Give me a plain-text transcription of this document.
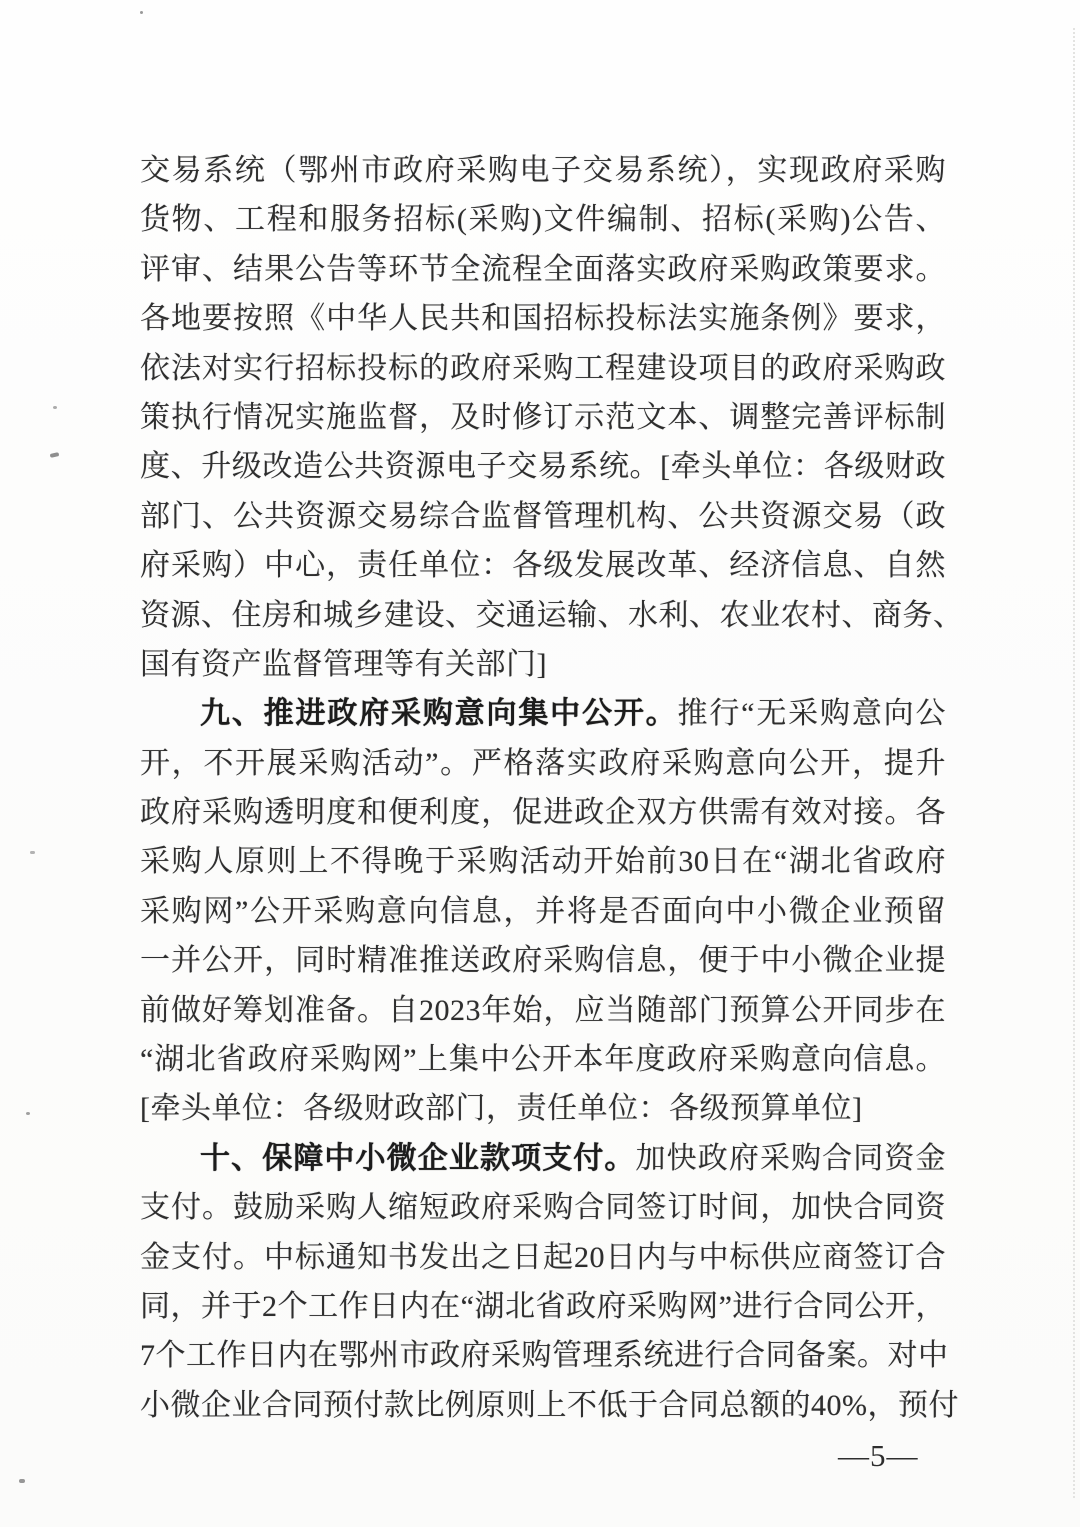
交易系统（鄂州市政府采购电子交易系统），实现政府采购
货物、工程和服务招标(采购)文件编制、招标(采购)公告、
评审、结果公告等环节全流程全面落实政府采购政策要求。
各地要按照《中华人民共和国招标投标法实施条例》要求，
依法对实行招标投标的政府采购工程建设项目的政府采购政
策执行情况实施监督，及时修订示范文本、调整完善评标制
度、升级改造公共资源电子交易系统。[牵头单位：各级财政
部门、公共资源交易综合监督管理机构、公共资源交易（政
府采购）中心，责任单位：各级发展改革、经济信息、自然
资源、住房和城乡建设、交通运输、水利、农业农村、商务、
国有资产监督管理等有关部门]
九、推进政府采购意向集中公开。推行“无采购意向公
开，不开展采购活动”。严格落实政府采购意向公开，提升
政府采购透明度和便利度，促进政企双方供需有效对接。各
采购人原则上不得晚于采购活动开始前30日在“湖北省政府
采购网”公开采购意向信息，并将是否面向中小微企业预留
一并公开，同时精准推送政府采购信息，便于中小微企业提
前做好筹划准备。自2023年始，应当随部门预算公开同步在
“湖北省政府采购网”上集中公开本年度政府采购意向信息。
[牵头单位：各级财政部门，责任单位：各级预算单位]
十、保障中小微企业款项支付。加快政府采购合同资金
支付。鼓励采购人缩短政府采购合同签订时间，加快合同资
金支付。中标通知书发出之日起20日内与中标供应商签订合
同，并于2个工作日内在“湖北省政府采购网”进行合同公开，
7个工作日内在鄂州市政府采购管理系统进行合同备案。对中
小微企业合同预付款比例原则上不低于合同总额的40%，预付
—5—
